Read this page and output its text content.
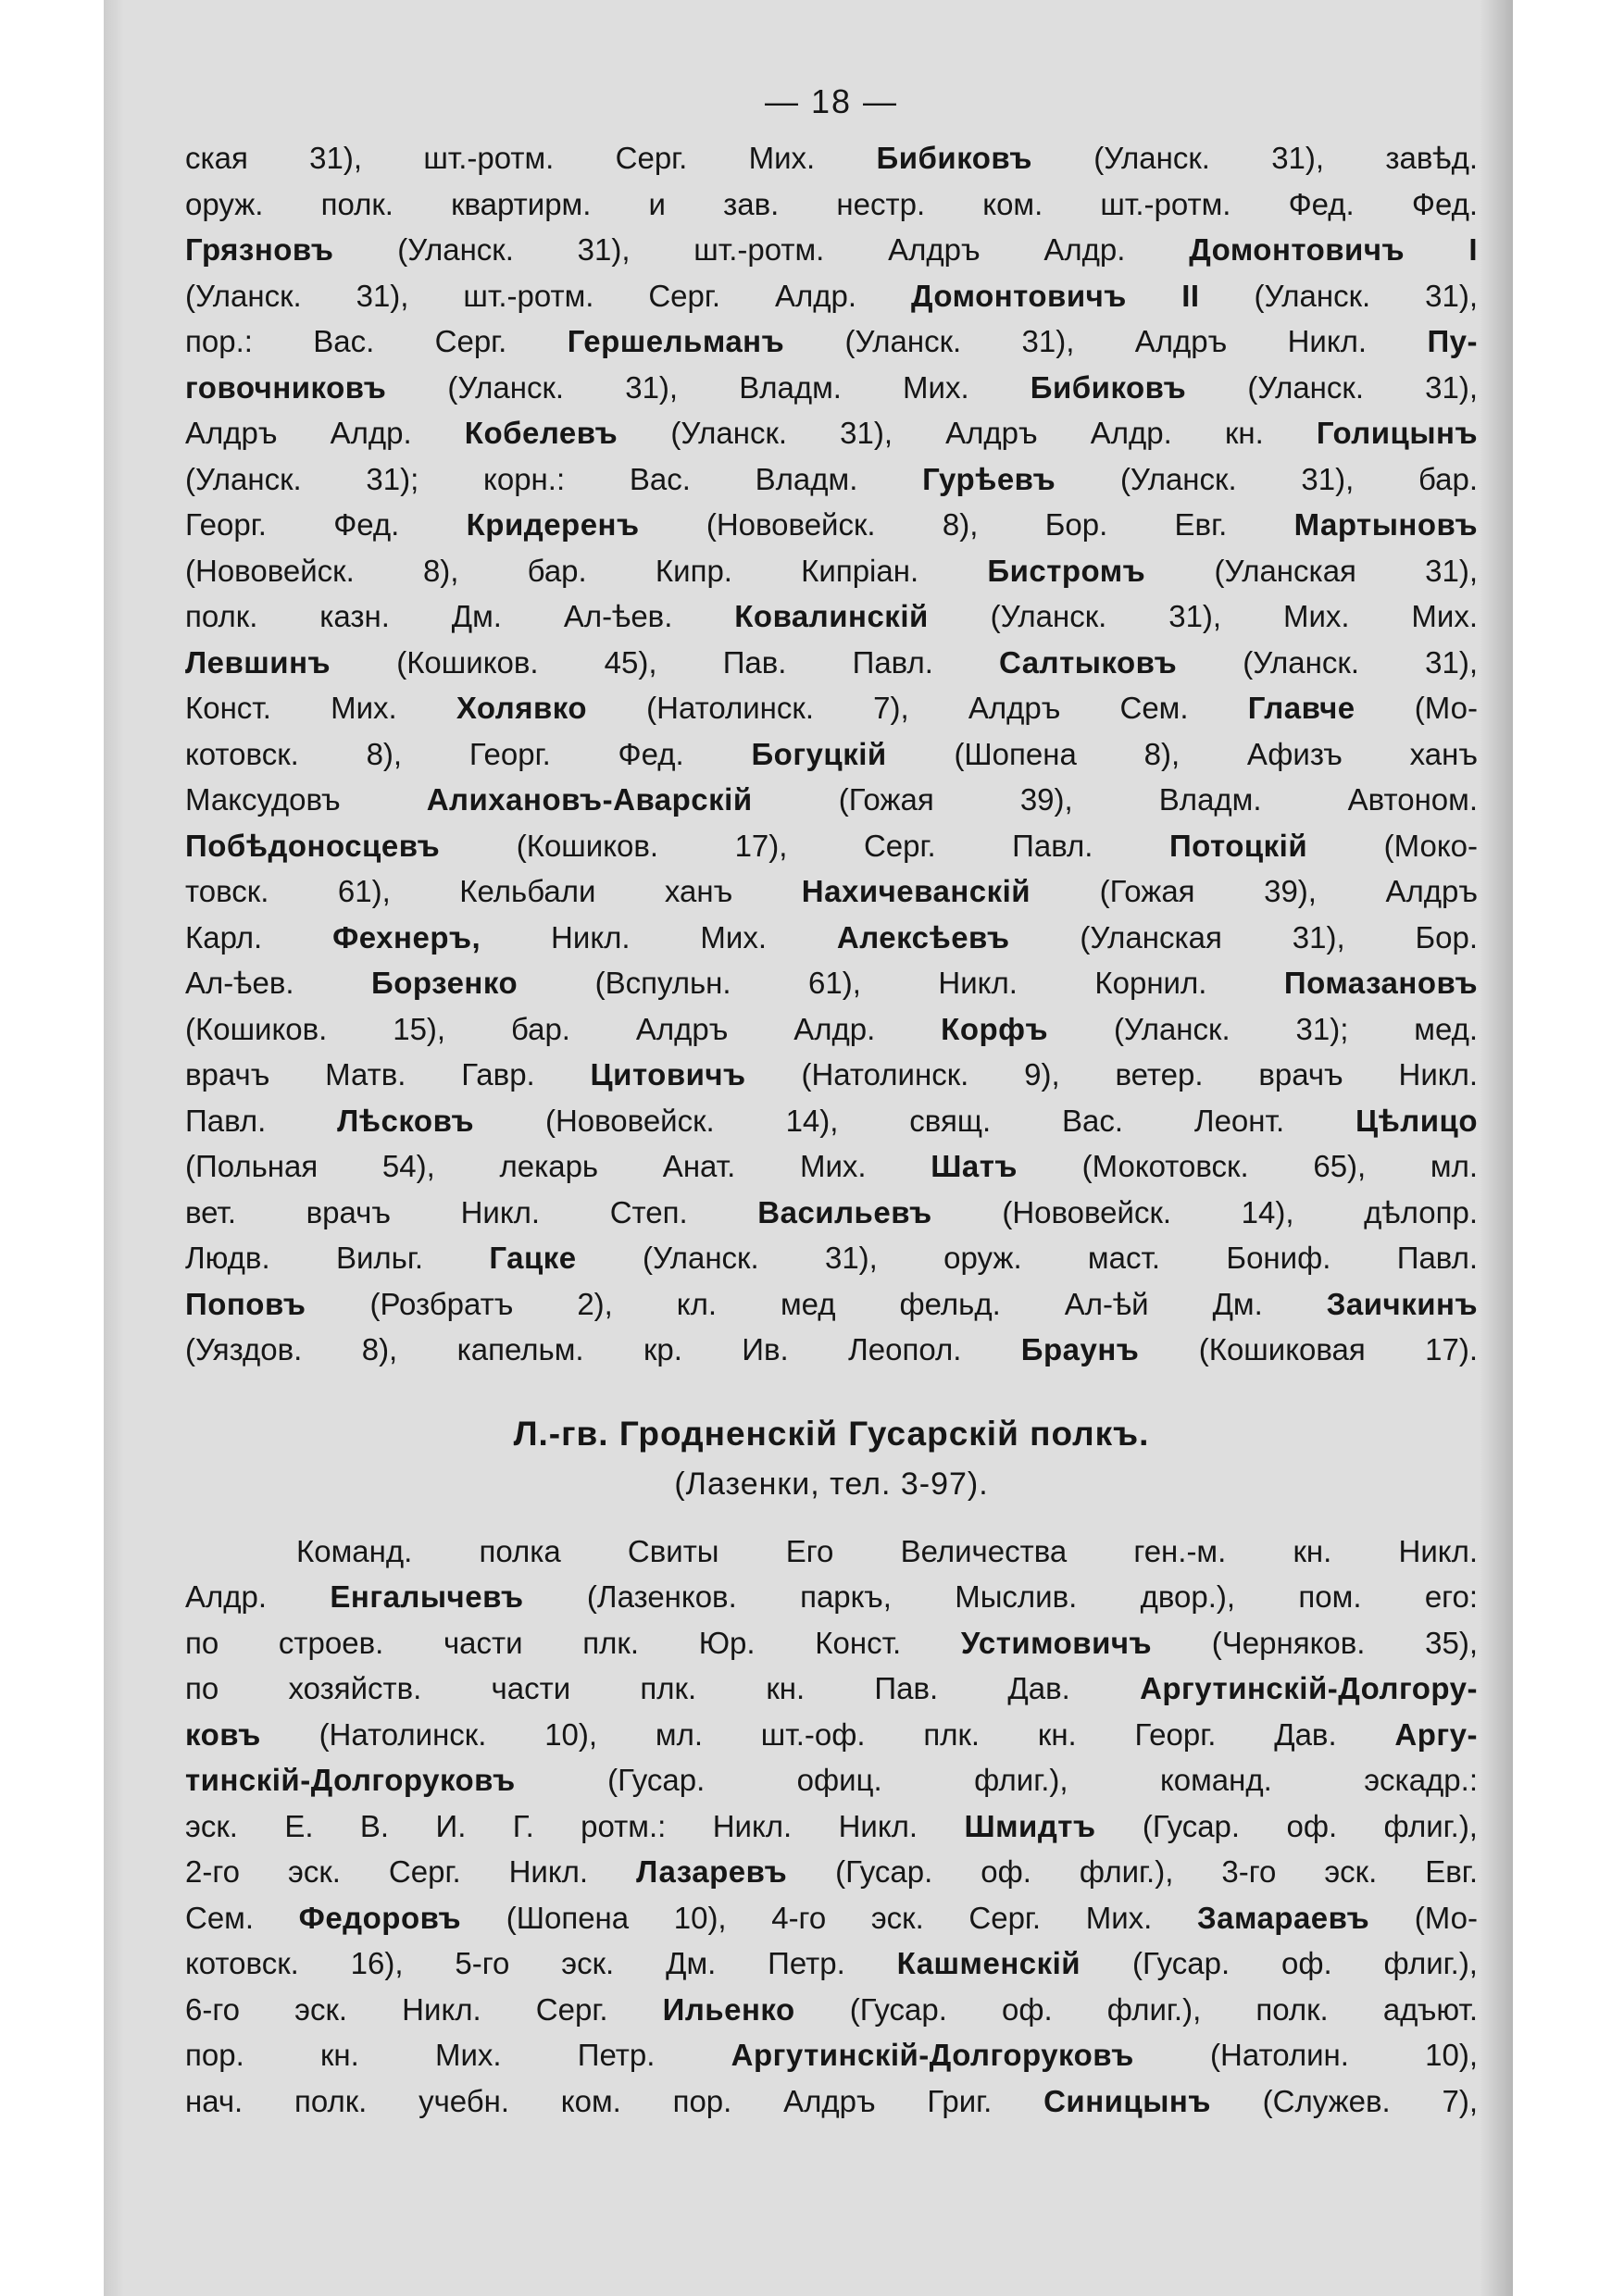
— 18 —
ская 31), шт.-ротм. Серг. Мих. Бибиковъ (Уланск. 31), завѣд.
оруж. полк. квартирм. и зав. нестр. ком. шт.-ротм. Фед. Фед.
Грязновъ (Уланск. 31), шт.-ротм. Алдръ Алдр. Домонтовичъ I
(Уланск. 31), шт.-ротм. Серг. Алдр. Домонтовичъ II (Уланск. 31),
пор.: Вас. Серг. Гершельманъ (Уланск. 31), Алдръ Никл. Пу-
говочниковъ (Уланск. 31), Владм. Мих. Бибиковъ (Уланск. 31),
Алдръ Алдр. Кобелевъ (Уланск. 31), Алдръ Алдр. кн. Голицынъ
(Уланск. 31); корн.: Вас. Владм. Гурѣевъ (Уланск. 31), бар.
Георг. Фед. Кридеренъ (Нововейск. 8), Бор. Евг. Мартыновъ
(Нововейск. 8), бар. Кипр. Кипріан. Бистромъ (Уланская 31),
полк. казн. Дм. Ал-ѣев. Ковалинскій (Уланск. 31), Мих. Мих.
Левшинъ (Кошиков. 45), Пав. Павл. Салтыковъ (Уланск. 31),
Конст. Мих. Холявко (Натолинск. 7), Алдръ Сем. Главче (Мо-
котовск. 8), Георг. Фед. Богуцкій (Шопена 8), Афизъ ханъ
Максудовъ Алихановъ-Аварскій (Гожая 39), Владм. Автоном.
Побѣдоносцевъ (Кошиков. 17), Серг. Павл. Потоцкій (Моко-
товск. 61), Кельбали ханъ Нахичеванскій (Гожая 39), Алдръ
Карл. Фехнеръ, Никл. Мих. Алексѣевъ (Уланская 31), Бор.
Ал-ѣев. Борзенко (Вспульн. 61), Никл. Корнил. Помазановъ
(Кошиков. 15), бар. Алдръ Алдр. Корфъ (Уланск. 31); мед.
врачъ Матв. Гавр. Цитовичъ (Натолинск. 9), ветер. врачъ Никл.
Павл. Лѣсковъ (Нововейск. 14), свящ. Вас. Леонт. Цѣлицо
(Польная 54), лекарь Анат. Мих. Шатъ (Мокотовск. 65), мл.
вет. врачъ Никл. Степ. Васильевъ (Нововейск. 14), дѣлопр.
Людв. Вильг. Гацке (Уланск. 31), оруж. маст. Бониф. Павл.
Поповъ (Розбратъ 2), кл. мед фельд. Ал-ѣй Дм. Заичкинъ
(Уяздов. 8), капельм. кр. Ив. Леопол. Браунъ (Кошиковая 17).
Л.-гв. Гродненскій Гусарскій полкъ.
(Лазенки, тел. 3-97).
Команд. полка Свиты Его Величества ген.-м. кн. Никл.
Алдр. Енгалычевъ (Лазенков. паркъ, Мыслив. двор.), пом. его:
по строев. части плк. Юр. Конст. Устимовичъ (Черняков. 35),
по хозяйств. части плк. кн. Пав. Дав. Аргутинскій-Долгору-
ковъ (Натолинск. 10), мл. шт.-оф. плк. кн. Георг. Дав. Аргу-
тинскій-Долгоруковъ (Гусар. офиц. флиг.), команд. эскадр.:
эск. Е. В. И. Г. ротм.: Никл. Никл. Шмидтъ (Гусар. оф. флиг.),
2-го эск. Серг. Никл. Лазаревъ (Гусар. оф. флиг.), 3-го эск. Евг.
Сем. Федоровъ (Шопена 10), 4-го эск. Серг. Мих. Замараевъ (Мо-
котовск. 16), 5-го эск. Дм. Петр. Кашменскій (Гусар. оф. флиг.),
6-го эск. Никл. Серг. Ильенко (Гусар. оф. флиг.), полк. адъют.
пор. кн. Мих. Петр. Аргутинскій-Долгоруковъ (Натолин. 10),
нач. полк. учебн. ком. пор. Алдръ Григ. Синицынъ (Служев. 7),
